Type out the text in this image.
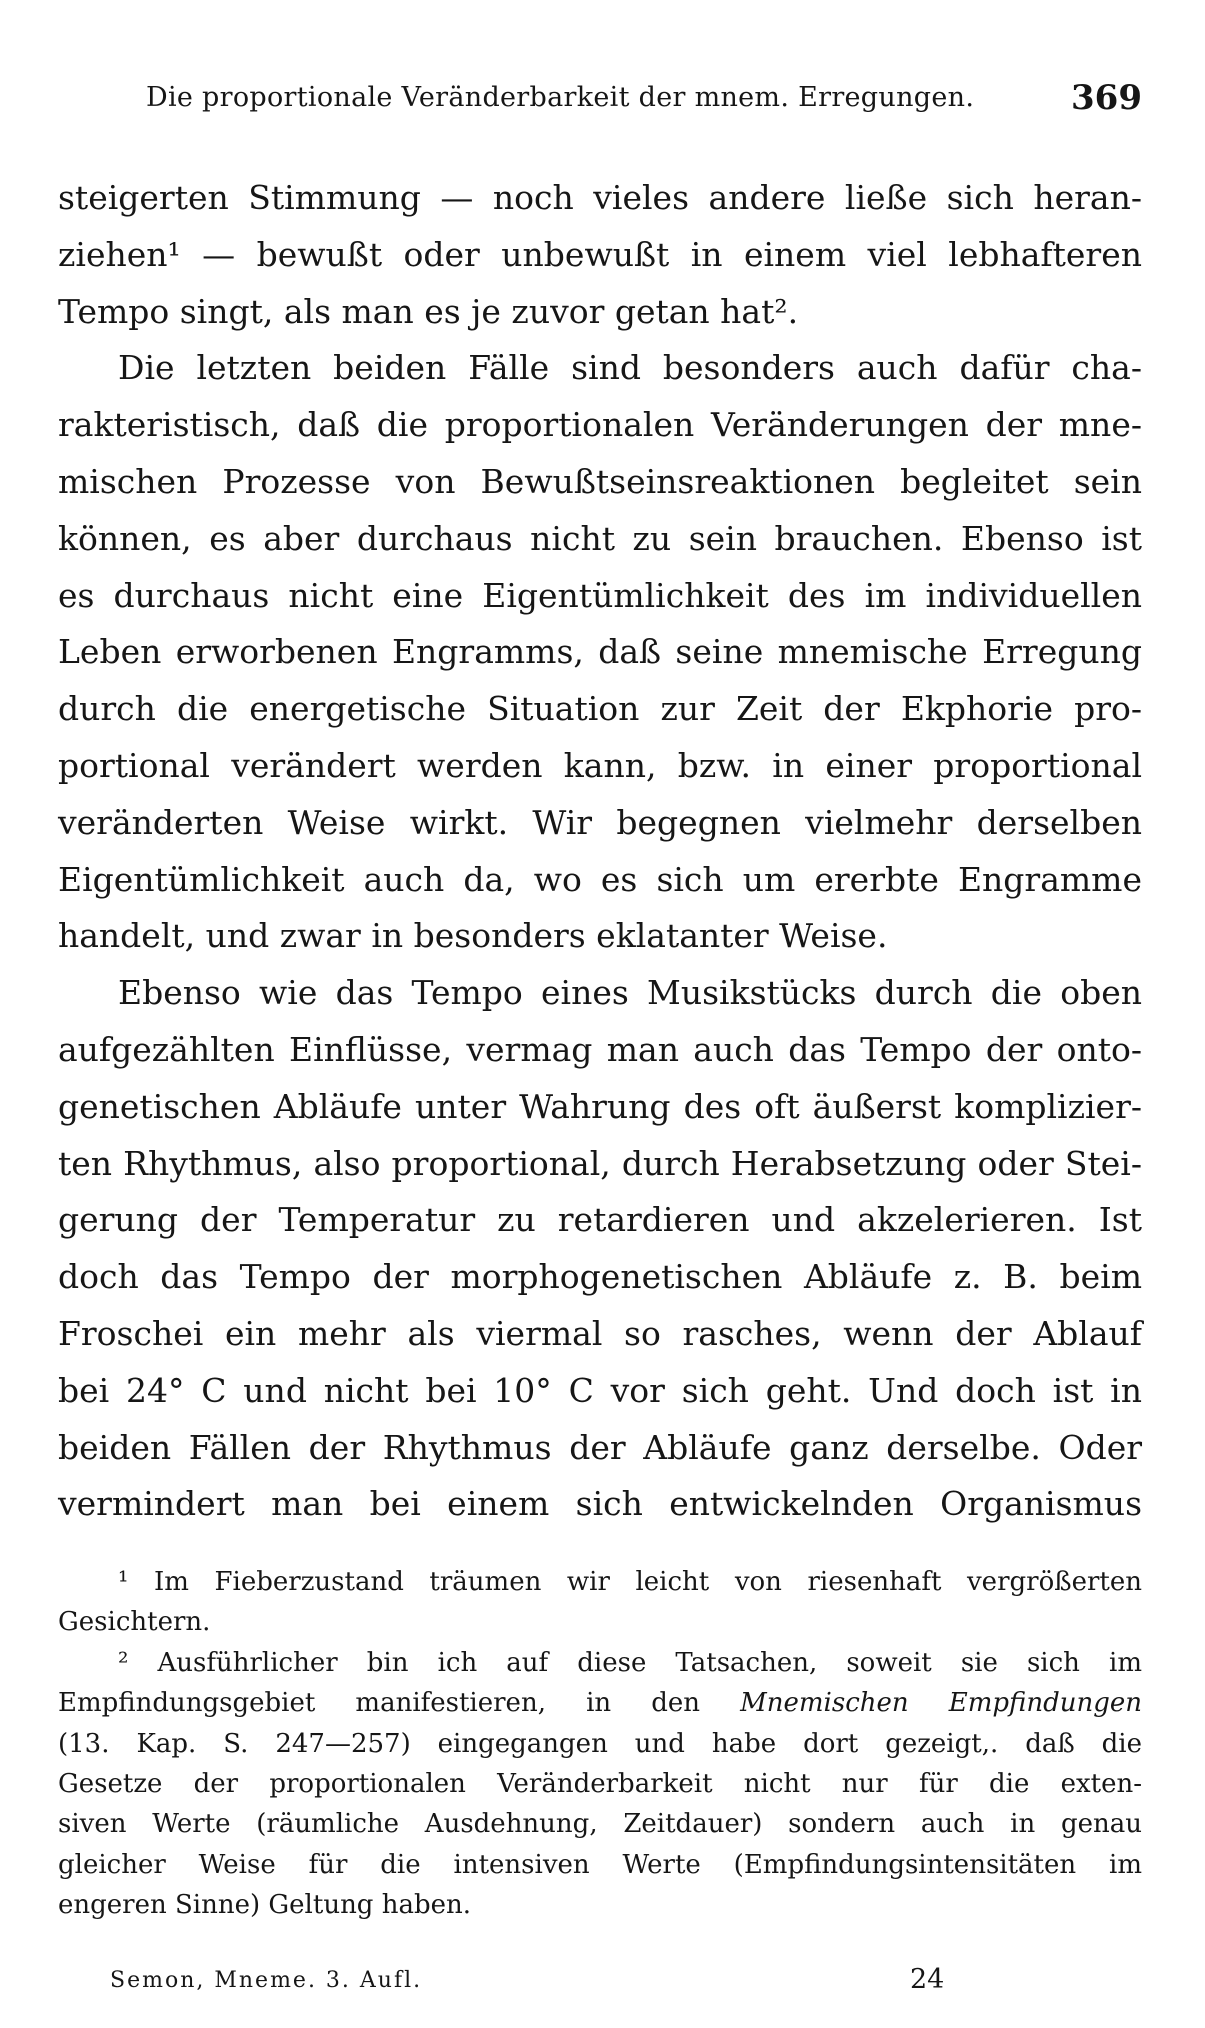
Die proportionale Veränderbarkeit der mnem. Erregungen.	369
steigerten Stimmung — noch vieles andere ließe sich heran-
ziehen¹ — bewußt oder unbewußt in einem viel lebhafteren
Tempo singt, als man es je zuvor getan hat².
Die letzten beiden Fälle sind besonders auch dafür cha-
rakteristisch, daß die proportionalen Veränderungen der mne-
mischen Prozesse von Bewußtseinsreaktionen begleitet sein
können, es aber durchaus nicht zu sein brauchen. Ebenso ist
es durchaus nicht eine Eigentümlichkeit des im individuellen
Leben erworbenen Engramms, daß seine mnemische Erregung
durch die energetische Situation zur Zeit der Ekphorie pro-
portional verändert werden kann, bzw. in einer proportional
veränderten Weise wirkt. Wir begegnen vielmehr derselben
Eigentümlichkeit auch da, wo es sich um ererbte Engramme
handelt, und zwar in besonders eklatanter Weise.
Ebenso wie das Tempo eines Musikstücks durch die oben
aufgezählten Einflüsse, vermag man auch das Tempo der onto-
genetischen Abläufe unter Wahrung des oft äußerst komplizier-
ten Rhythmus, also proportional, durch Herabsetzung oder Stei-
gerung der Temperatur zu retardieren und akzelerieren. Ist
doch das Tempo der morphogenetischen Abläufe z. B. beim
Froschei ein mehr als viermal so rasches, wenn der Ablauf
bei 24° C und nicht bei 10° C vor sich geht. Und doch ist in
beiden Fällen der Rhythmus der Abläufe ganz derselbe. Oder
vermindert man bei einem sich entwickelnden Organismus
¹ Im Fieberzustand träumen wir leicht von riesenhaft vergrößerten
Gesichtern.
² Ausführlicher bin ich auf diese Tatsachen, soweit sie sich im
Empfindungsgebiet manifestieren, in den Mnemischen Empfindungen
(13. Kap. S. 247—257) eingegangen und habe dort gezeigt,. daß die
Gesetze der proportionalen Veränderbarkeit nicht nur für die exten-
siven Werte (räumliche Ausdehnung, Zeitdauer) sondern auch in genau
gleicher Weise für die intensiven Werte (Empfindungsintensitäten im
engeren Sinne) Geltung haben.
Semon, Mneme. 3. Aufl.	24
